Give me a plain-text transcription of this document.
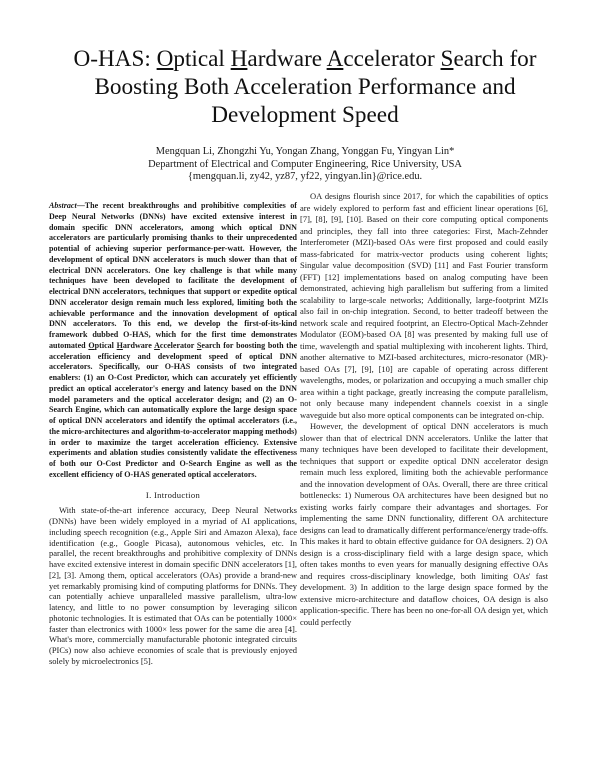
O-HAS: Optical Hardware Accelerator Search for
Boosting Both Acceleration Performance and
Development Speed
Mengquan Li, Zhongzhi Yu, Yongan Zhang, Yonggan Fu, Yingyan Lin*
Department of Electrical and Computer Engineering, Rice University, USA
{mengquan.li, zy42, yz87, yf22, yingyan.lin}@rice.edu.

Abstract—The recent breakthroughs and prohibitive complexities of Deep Neural Networks (DNNs) have excited extensive interest in domain specific DNN accelerators, among which optical DNN accelerators are particularly promising thanks to their unprecedented potential of achieving superior performance-per-watt. However, the development of optical DNN accelerators is much slower than that of electrical DNN accelerators. One key challenge is that while many techniques have been developed to facilitate the development of electrical DNN accelerators, techniques that support or expedite optical DNN accelerator design remain much less explored, limiting both the achievable performance and the innovation development of optical DNN accelerators. To this end, we develop the first-of-its-kind framework dubbed O-HAS, which for the first time demonstrates automated Optical Hardware Accelerator Search for boosting both the acceleration efficiency and development speed of optical DNN accelerators. Specifically, our O-HAS consists of two integrated enablers: (1) an O-Cost Predictor, which can accurately yet efficiently predict an optical accelerator's energy and latency based on the DNN model parameters and the optical accelerator design; and (2) an O-Search Engine, which can automatically explore the large design space of optical DNN accelerators and identify the optimal accelerators (i.e., the micro-architectures and algorithm-to-accelerator mapping methods) in order to maximize the target acceleration efficiency. Extensive experiments and ablation studies consistently validate the effectiveness of both our O-Cost Predictor and O-Search Engine as well as the excellent efficiency of O-HAS generated optical accelerators.

I. Introduction

With state-of-the-art inference accuracy, Deep Neural Networks (DNNs) have been widely employed in a myriad of AI applications, including speech recognition (e.g., Apple Siri and Amazon Alexa), face identification (e.g., Google Picasa), autonomous vehicles, etc. In parallel, the recent breakthroughs and prohibitive complexity of DNNs have excited extensive interest in domain specific DNN accelerators [1], [2], [3]. Among them, optical accelerators (OAs) provide a brand-new yet remarkably promising kind of computing platforms for DNNs. They can potentially achieve unparalleled massive parallelism, ultra-low latency, and little to no power consumption by leveraging silicon photonic technologies. It is estimated that OAs can be potentially 1000× faster than electronics with 1000× less power for the same die area [4]. What's more, commercially manufacturable photonic integrated circuits (PICs) now also achieve economies of scale that is previously enjoyed solely by microelectronics [5].

OA designs flourish since 2017, for which the capabilities of optics are widely explored to perform fast and efficient linear operations [6], [7], [8], [9], [10]. Based on their core computing optical components and principles, they fall into three categories: First, Mach-Zehnder Interferometer (MZI)-based OAs were first proposed and could easily mass-fabricated for matrix-vector products using coherent lights; Singular value decomposition (SVD) [11] and Fast Fourier transform (FFT) [12] implementations based on analog computing have been demonstrated, achieving high parallelism but suffering from a limited scalability to large-scale networks; Additionally, large-footprint MZIs also fail in on-chip integration. Second, to better tradeoff between the network scale and required footprint, an Electro-Optical Mach-Zehnder Modulator (EOM)-based OA [8] was presented by making full use of time, wavelength and spatial multiplexing with incoherent lights. Third, another alternative to MZI-based architectures, micro-resonator (MR)-based OAs [7], [9], [10] are capable of operating across different wavelengths, modes, or polarization and occupying a much smaller chip area within a tight package, greatly increasing the compute parallelism, not only because many independent channels coexist in a single waveguide but also more optical components can be integrated on-chip.

However, the development of optical DNN accelerators is much slower than that of electrical DNN accelerators. Unlike the latter that many techniques have been developed to facilitate their development, techniques that support or expedite optical DNN accelerator design remain much less explored, limiting both the achievable performance and the innovation development of OAs. Overall, there are three critical bottlenecks: 1) Numerous OA architectures have been designed but no existing works fairly compare their advantages and shortages. For implementing the same DNN functionality, different OA architecture designs can lead to dramatically different performance/energy trade-offs. This makes it hard to obtain effective guidance for OA designers. 2) OA design is a cross-disciplinary field with a large design space, which often takes months to even years for manually designing effective OAs and requires cross-disciplinary knowledge, both limiting OAs' fast development. 3) In addition to the large design space formed by the extensive micro-architecture and dataflow choices, OA design is also application-specific. There has been no one-for-all OA design yet, which could perfectly
